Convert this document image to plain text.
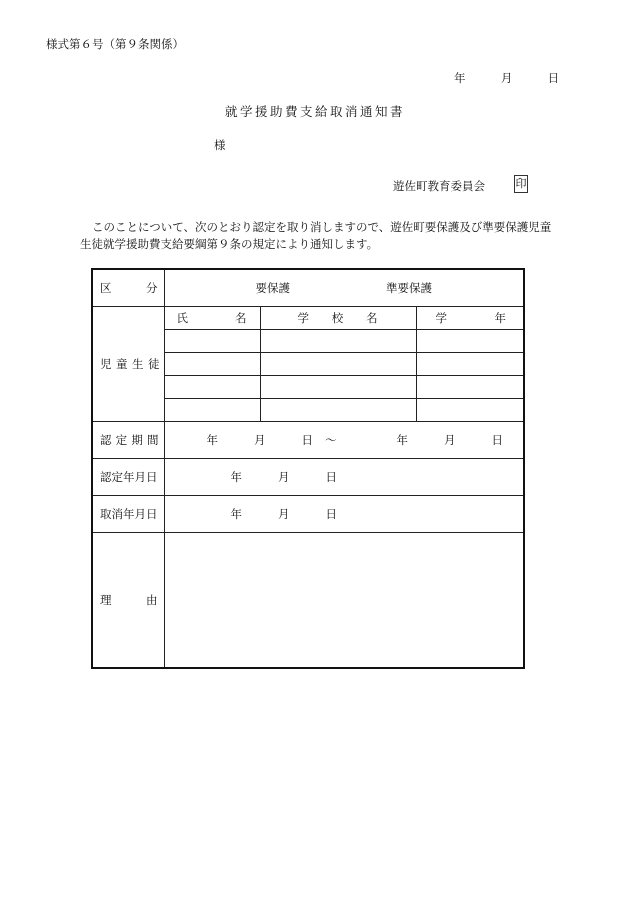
様式第６号（第９条関係）
年	月	日
就学援助費支給取消通知書
様
遊佐町教育委員会	印
このことについて、次のとおり認定を取り消しますので、遊佐町要保護及び準要保護児童生徒就学援助費支給要綱第９条の規定により通知します。
区 分	要保護 準要保護		

児 童 生 徒	氏 名	学 校 名	学 年

認 定 期 間	年 月 日 〜 年 月 日		
認定年月日	年 月 日		
取消年月日	年 月 日		

理 由			
